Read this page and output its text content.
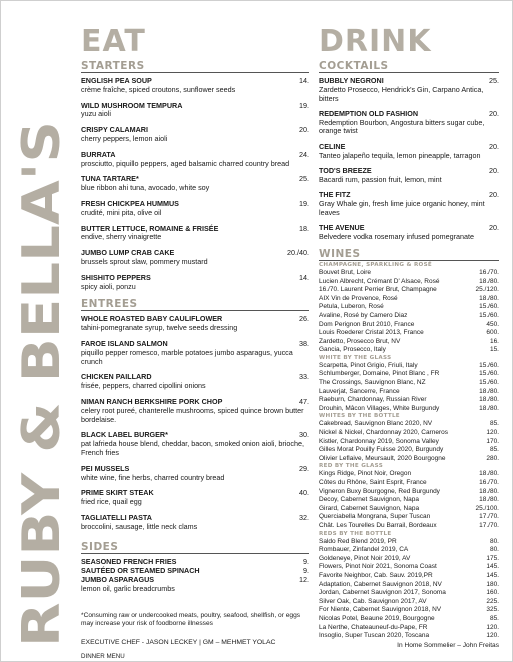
RUBY & BELLA'S
EAT
STARTERS
ENGLISH PEA SOUP	14.
crème fraîche, spiced croutons, sunflower seeds
WILD MUSHROOM TEMPURA	19.
yuzu aioli
CRISPY CALAMARI	20.
cherry peppers, lemon aioli
BURRATA	24.
prosciutto, piquillo peppers, aged balsamic charred country bread
TUNA TARTARE*	25.
blue ribbon ahi tuna, avocado, white soy
FRESH CHICKPEA HUMMUS	19.
crudité, mini pita, olive oil
BUTTER LETTUCE, ROMAINE & FRISÉE	18.
endive, sherry vinaigrette
JUMBO LUMP CRAB CAKE	20./40.
brussels sprout slaw, pommery mustard
SHISHITO PEPPERS	14.
spicy aioli, ponzu
ENTREES
WHOLE ROASTED BABY CAULIFLOWER	26.
tahini-pomegranate syrup, twelve seeds dressing
FAROE ISLAND SALMON	38.
piquillo pepper romesco, marble potatoes jumbo asparagus, yucca crunch
CHICKEN PAILLARD	33.
frisée, peppers, charred cipollini onions
NIMAN RANCH BERKSHIRE PORK CHOP	47.
celery root pureé, chanterelle mushrooms, spiced quince brown butter bordelaise.
BLACK LABEL BURGER*	30.
pat lafrieda house blend, cheddar, bacon, smoked onion aioli, brioche, French fries
PEI MUSSELS	29.
white wine, fine herbs, charred country bread
PRIME SKIRT STEAK	40.
fried rice, quail egg
TAGLIATELLI PASTA	32.
broccolini, sausage, little neck clams
SIDES
SEASONED FRENCH FRIES	9.
SAUTÉED OR STEAMED SPINACH	9.
JUMBO ASPARAGUS	12.
lemon oil, garlic breadcrumbs
*Consuming raw or undercooked meats, poultry, seafood, shellfish, or eggs may increase your risk of foodborne illnesses
EXECUTIVE CHEF - JASON LECKEY | GM – MEHMET YOLAC
DINNER MENU
DRINK
COCKTAILS
BUBBLY NEGRONI	25.
Zardetto Prosecco, Hendrick's Gin, Carpano Antica, bitters
REDEMPTION OLD FASHION	20.
Redemption Bourbon, Angostura bitters sugar cube, orange twist
CELINE	20.
Tanteo jalapeño tequila, lemon pineapple, tarragon
TOD'S BREEZE	20.
Bacardi rum, passion fruit, lemon, mint
THE FITZ	20.
Gray Whale gin, fresh lime juice organic honey, mint leaves
THE AVENUE	20.
Belvedere vodka rosemary infused pomegranate
WINES
CHAMPAGNE, SPARKLING & ROSÉ
Bouvet Brut, Loire	16./70.
Lucien Albrecht, Crémant D' Alsace, Rosé	18./80.
16./70. Laurent Perrier Brut, Champagne	25./120.
AIX Vin de Provence, Rosé	18./80.
Petula, Luberon, Rosé	15./60.
Avaline, Rosé by Camero Diaz	15./60.
Dom Perignon Brut 2010, France	450.
Louis Roederer Cristal 2013, France	600.
Zardetto, Prosecco Brut, NV	16.
Gancia, Prosecco, Italy	15.
WHITE BY THE GLASS
Scarpetta, Pinot Grigio, Friuli, Italy	15./60.
Schlumberger, Domaine, Pinot Blanc , FR	15./60.
The Crossings, Sauvignon Blanc, NZ	15./60.
Lauverjat, Sancerre, France	18./80.
Raeburn, Chardonnay, Russian River	18./80.
Drouhin, Mâcon Villages, White Burgundy	18./80.
WHITES BY THE BOTTLE
Cakebread, Sauvignon Blanc 2020, NV	85.
Nickel & Nickel, Chardonnay 2020, Carneros	120.
Kistler, Chardonnay 2019, Sonoma Valley	170.
Gilles Morat Pouilly Fuisse 2020, Burgundy	85.
Olivier Leflaive, Meursault, 2020 Bourgogne	280.
RED BY THE GLASS
Kings Ridge, Pinot Noir, Oregon	18./80.
Côtes du Rhône, Saint Esprit, France	16./70.
Vigneron Buxy Bourgogne, Red Burgundy	18./80.
Decoy, Cabernet Sauvignon, Napa	18./80.
Girard, Cabernet Sauvignon, Napa	25./100.
Querciabella Mongrana, Super Tuscan	17./70.
Chât. Les Tourelles Du Barrail, Bordeaux	17./70.
REDS BY THE BOTTLE
Saldo Red Blend 2019, PR	80.
Rombauer, Zinfandel 2019, CA	80.
Goldeneye, Pinot Noir 2019, AV	175.
Flowers, Pinot Noir 2021, Sonoma Coast	145.
Favorite Neighbor, Cab. Sauv. 2019,PR	145.
Adaptation, Cabernet Sauvignon 2018, NV	180.
Jordan, Cabernet Sauvignon 2017, Sonoma	160.
Silver Oak, Cab. Sauvignon 2017, AV	225.
For Niente, Cabernet Sauvignon 2018, NV	325.
Nicolas Potel, Beaune 2019, Bourgogne	85.
La Nerthe, Chateauneuf-du-Pape, FR	120.
Insoglio, Super Tuscan 2020, Toscana	120.
In Home Sommelier – John Freitas
